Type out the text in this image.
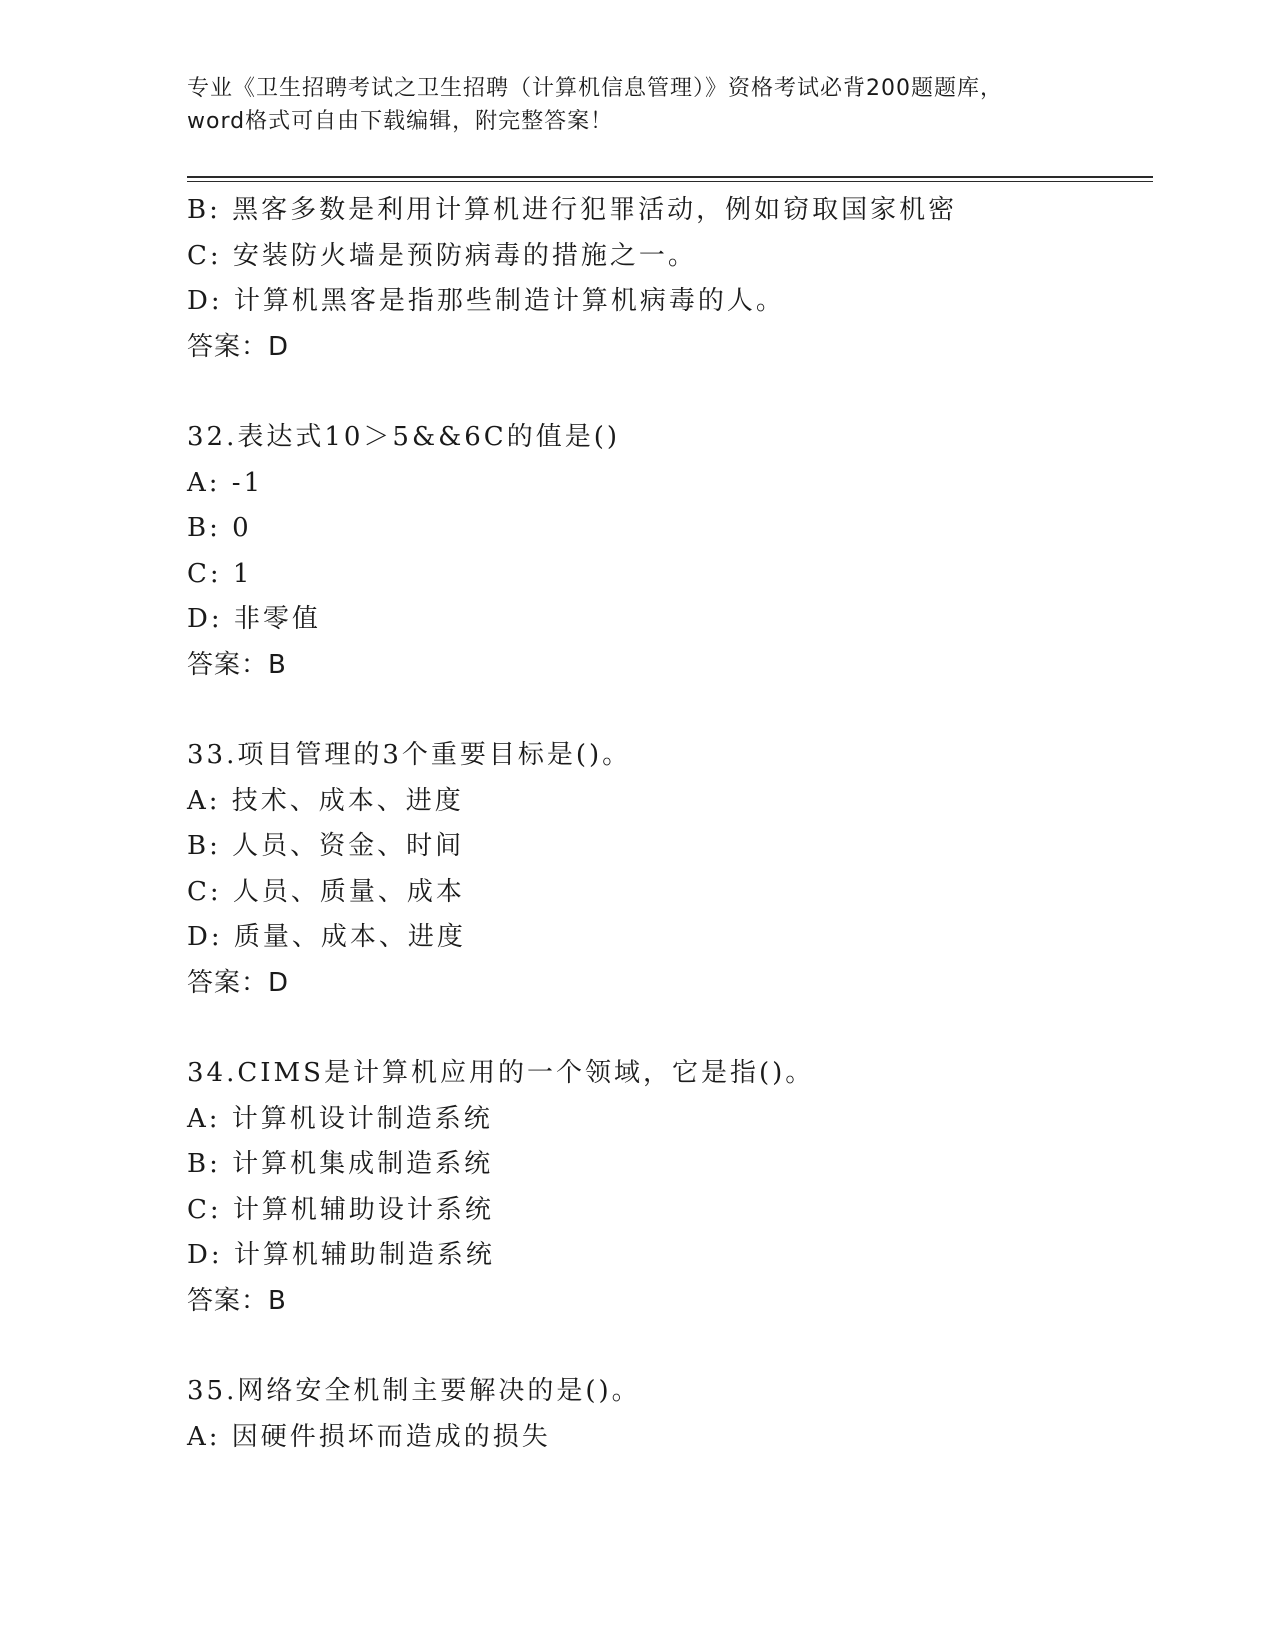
专业《卫生招聘考试之卫生招聘（计算机信息管理）》资格考试必背200题题库，
word格式可自由下载编辑，附完整答案！
B: 黑客多数是利用计算机进行犯罪活动，例如窃取国家机密
C: 安装防火墙是预防病毒的措施之一。
D: 计算机黑客是指那些制造计算机病毒的人。
答案：D
32.表达式10＞5&&6C的值是()
A: -1
B: 0
C: 1
D: 非零值
答案：B
33.项目管理的3个重要目标是()。
A: 技术、成本、进度
B: 人员、资金、时间
C: 人员、质量、成本
D: 质量、成本、进度
答案：D
34.CIMS是计算机应用的一个领域，它是指()。
A: 计算机设计制造系统
B: 计算机集成制造系统
C: 计算机辅助设计系统
D: 计算机辅助制造系统
答案：B
35.网络安全机制主要解决的是()。
A: 因硬件损坏而造成的损失
